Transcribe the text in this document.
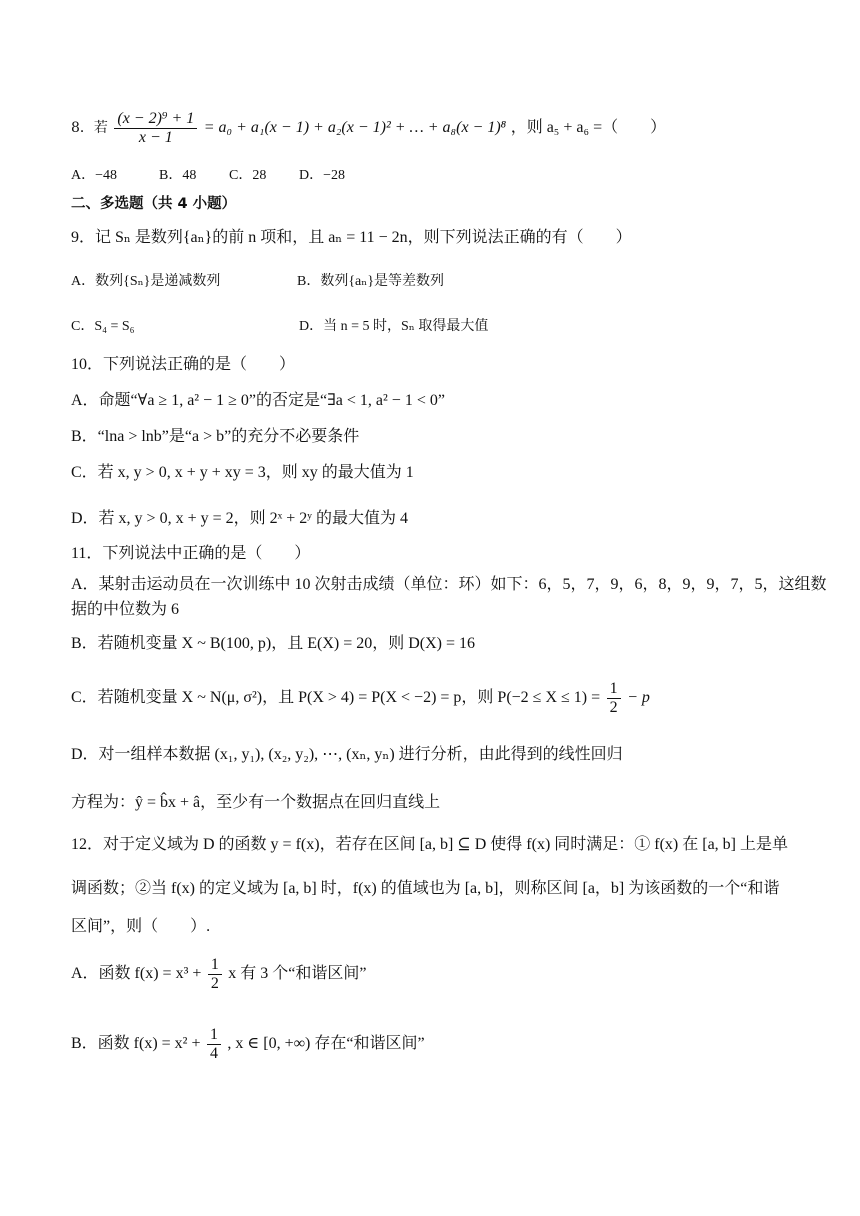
8．若 $\frac{\text{(x − 2)⁹ + 1}}{x - 1} = a_0 + a_1(x - 1) + a_2(x - 1)^2$ + … + a₈(x − 1)⁸ ，则 a₅ + a₆ =（　　）
A．−48	B．48 C．28 D．−28
二、多选题（共 4 小题）
9．记 Sₙ 是数列{aₙ}的前 n 项和，且 aₙ = 11 − 2n，则下列说法正确的有（　　）
A．数列{Sₙ}是递减数列	B．数列{aₙ}是等差数列
C．S₄ = S₆	D．当 n = 5 时，Sₙ 取得最大值
10．下列说法正确的是（　　）
A．命题“∀a ≥ 1, a² − 1 ≥ 0”的否定是“∃a < 1, a² − 1 < 0”
B．“lna > lnb”是“a > b”的充分不必要条件
C．若 x, y > 0, x + y + xy = 3，则 xy 的最大值为 1
D．若 x, y > 0, x + y = 2，则 2ˣ + 2ʸ 的最大值为 4
11．下列说法中正确的是（　　）
A．某射击运动员在一次训练中 10 次射击成绩（单位：环）如下：6，5，7，9，6，8，9，9，7，5，这组数
据的中位数为 6
B．若随机变量 X ~ B(100, p)，且 E(X) = 20，则 D(X) = 16
C．若随机变量 X ~ N(μ, σ²)，且 P(X > 4) = P(X < −2) = p，则 $P(-2 \le X \le 1) = \frac{1}{2} - p$
D．对一组样本数据 (x₁, y₁), (x₂, y₂), ⋯, (xₙ, yₙ) 进行分析，由此得到的线性回归
方程为：ŷ = b̂x + â，至少有一个数据点在回归直线上
12．对于定义域为 D 的函数 y = f(x)，若存在区间 [a, b] ⊆ D 使得 f(x) 同时满足：① f(x) 在 [a, b] 上是单
调函数；②当 f(x) 的定义域为 [a, b] 时，f(x) 的值域也为 [a, b]，则称区间 [a，b] 为该函数的一个“和谐
区间”，则（　　）.
A．函数 $f(x) = x^3 + \frac{1}{2}$ x 有 3 个“和谐区间”
B．函数 $f(x) = x^2 + \frac{1}{4}$ , x ∈ [0, +∞) 存在“和谐区间”
